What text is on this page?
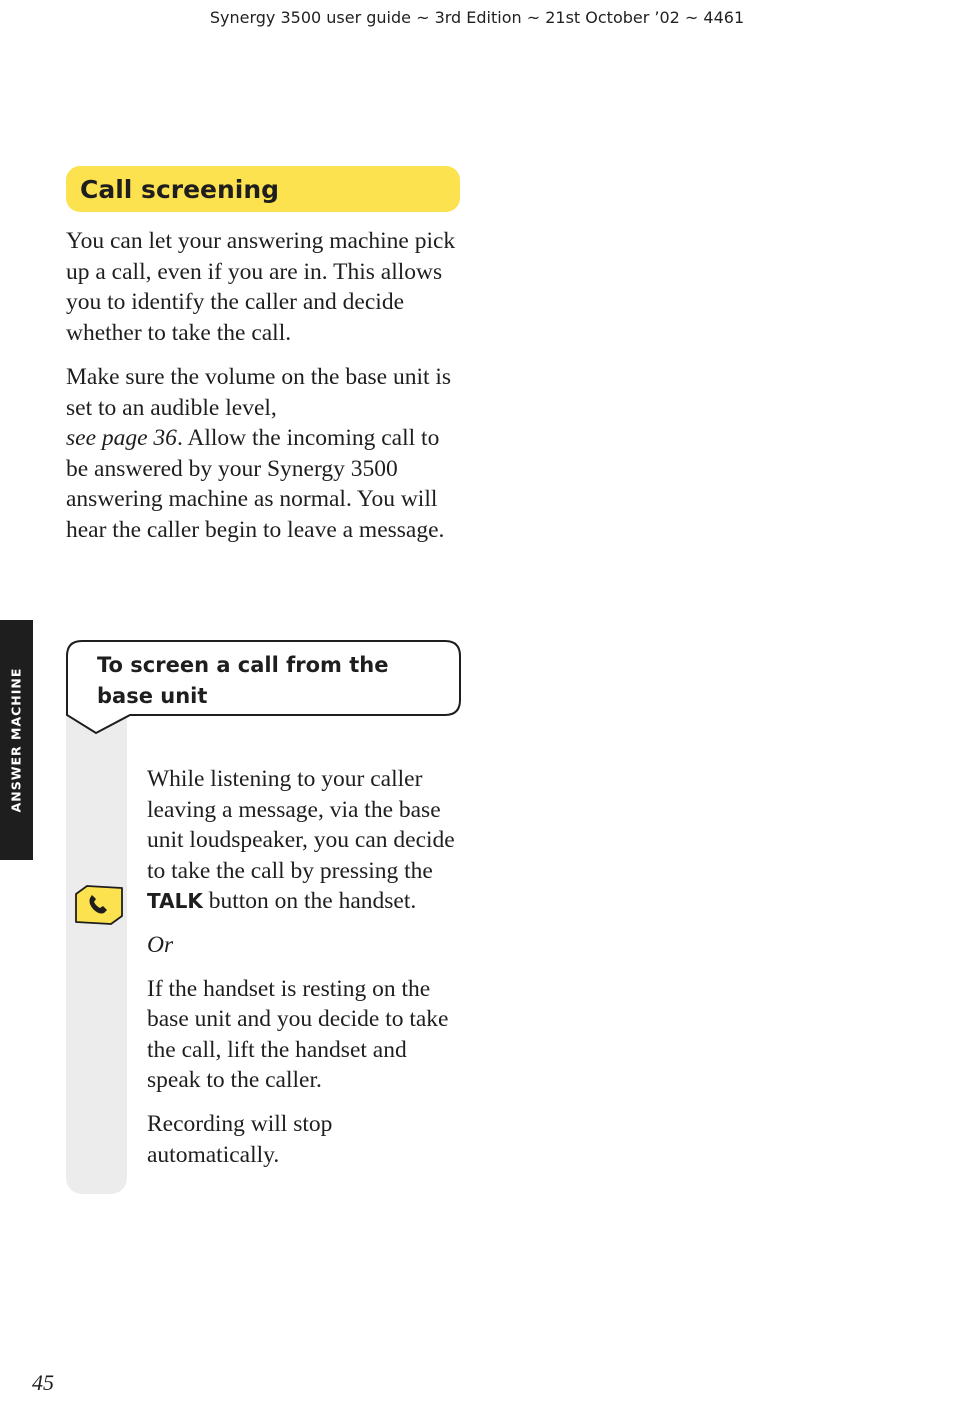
Synergy 3500 user guide ~ 3rd Edition ~ 21st October ’02 ~ 4461
Call screening

You can let your answering machine pick up a call, even if you are in. This allows you to identify the caller and decide whether to take the call.

Make sure the volume on the base unit is set to an audible level,
see page 36. Allow the incoming call to be answered by your Synergy 3500 answering machine as normal. You will hear the caller begin to leave a message.

ANSWER MACHINE
To screen a call from the
base unit

While listening to your caller leaving a message, via the base unit loudspeaker, you can decide to take the call by pressing the TALK button on the handset.

Or

If the handset is resting on the base unit and you decide to take the call, lift the handset and speak to the caller.

Recording will stop automatically.

45
